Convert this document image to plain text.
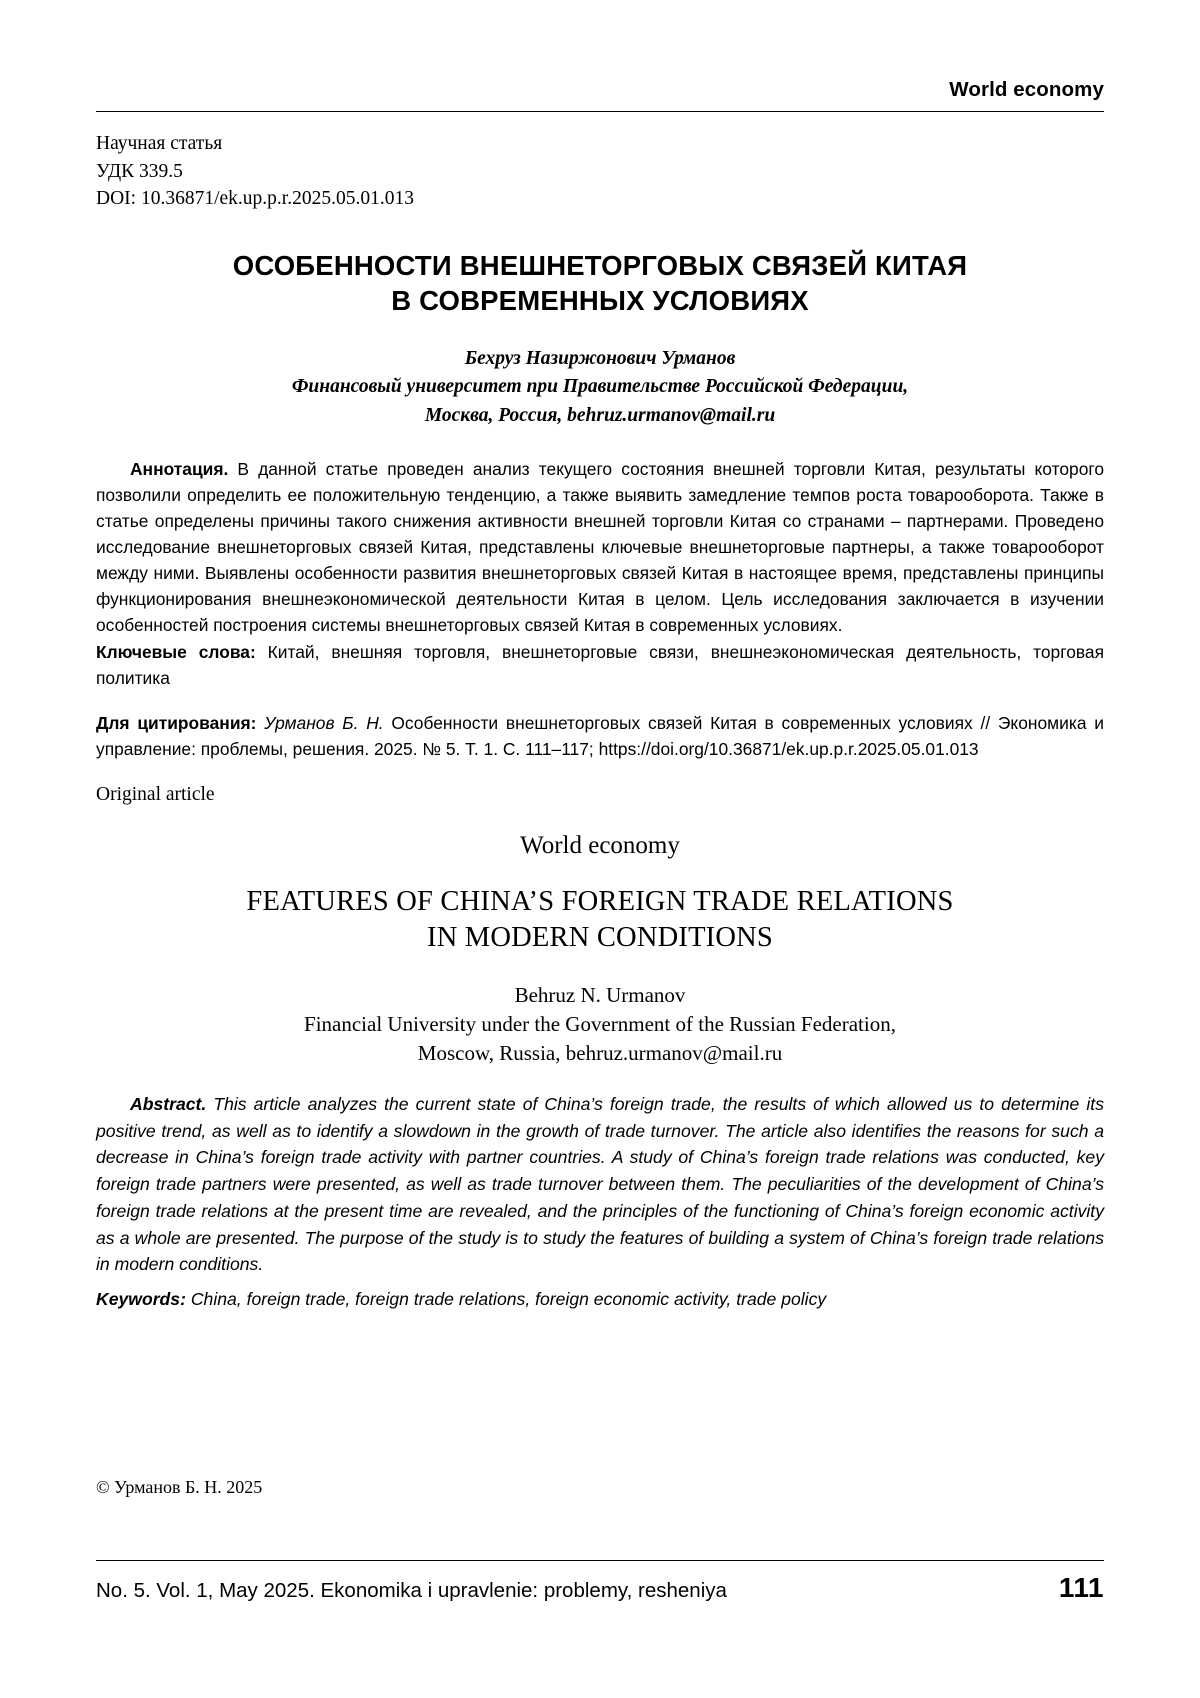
World economy
Научная статья
УДК 339.5
DOI: 10.36871/ek.up.p.r.2025.05.01.013
ОСОБЕННОСТИ ВНЕШНЕТОРГОВЫХ СВЯЗЕЙ КИТАЯ
В СОВРЕМЕННЫХ УСЛОВИЯХ
Бехруз Назиржонович Урманов
Финансовый университет при Правительстве Российской Федерации,
Москва, Россия, behruz.urmanov@mail.ru

Аннотация. В данной статье проведен анализ текущего состояния внешней торговли Китая, результаты которого позволили определить ее положительную тенденцию, а также выявить замедление темпов роста товарооборота. Также в статье определены причины такого снижения активности внешней торговли Китая со странами – партнерами. Проведено исследование внешнеторговых связей Китая, представлены ключевые внешнеторговые партнеры, а также товарооборот между ними. Выявлены особенности развития внешнеторговых связей Китая в настоящее время, представлены принципы функционирования внешнеэкономической деятельности Китая в целом. Цель исследования заключается в изучении особенностей построения системы внешнеторговых связей Китая в современных условиях.

Ключевые слова: Китай, внешняя торговля, внешнеторговые связи, внешнеэкономическая деятельность, торговая политика

Для цитирования: Урманов Б. Н. Особенности внешнеторговых связей Китая в современных условиях // Экономика и управление: проблемы, решения. 2025. № 5. Т. 1. С. 111–117; https://doi.org/10.36871/ek.up.p.r.2025.05.01.013
Original article
World economy
FEATURES OF CHINA’S FOREIGN TRADE RELATIONS
IN MODERN CONDITIONS
Behruz N. Urmanov
Financial University under the Government of the Russian Federation,
Moscow, Russia, behruz.urmanov@mail.ru

Abstract. This article analyzes the current state of China’s foreign trade, the results of which allowed us to determine its positive trend, as well as to identify a slowdown in the growth of trade turnover. The article also identifies the reasons for such a decrease in China’s foreign trade activity with partner countries. A study of China’s foreign trade relations was conducted, key foreign trade partners were presented, as well as trade turnover between them. The peculiarities of the development of China’s foreign trade relations at the present time are revealed, and the principles of the functioning of China’s foreign economic activity as a whole are presented. The purpose of the study is to study the features of building a system of China’s foreign trade relations in modern conditions.

Keywords: China, foreign trade, foreign trade relations, foreign economic activity, trade policy
© Урманов Б. Н. 2025
No. 5. Vol. 1, May 2025. Ekonomika i upravlenie: problemy, resheniya	111
